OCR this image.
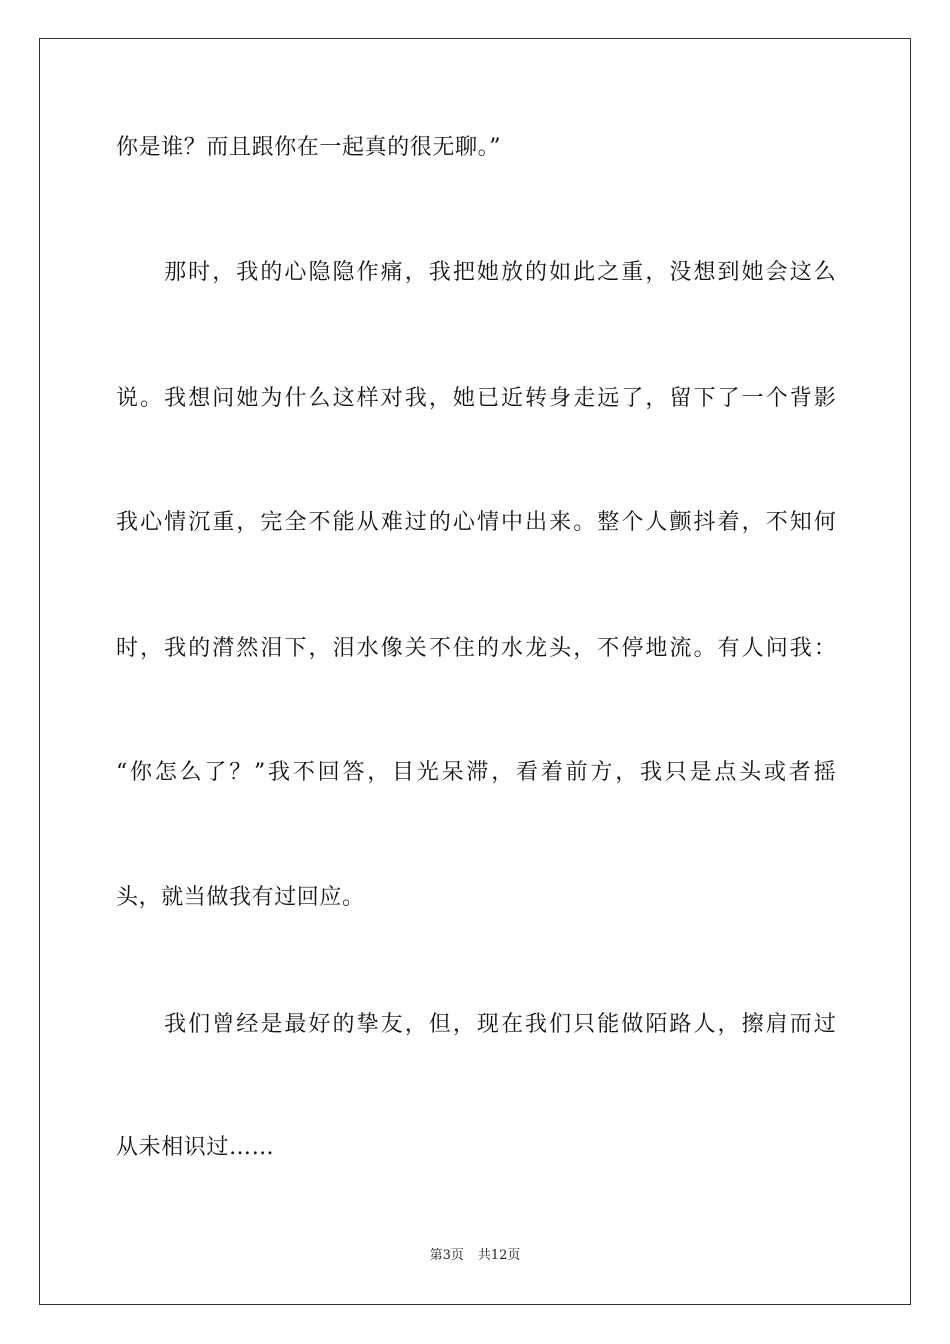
你是谁？而且跟你在一起真的很无聊。”

那 时 ， 我 的 心 隐 隐 作 痛 ， 我 把 她 放 的 如 此 之 重 ， 没 想 到 她 会 这 么
说 。 我 想 问 她 为 什 么 这 样 对 我 ， 她 已 近 转 身 走 远 了 ， 留 下 了 一 个 背 影
我 心 情 沉 重 ， 完 全 不 能 从 难 过 的 心 情 中 出 来 。 整 个 人 颤 抖 着 ， 不 知 何
时 ， 我 的 潸 然 泪 下 ， 泪 水 像 关 不 住 的 水 龙 头 ， 不 停 地 流 。 有 人 问 我 ：
“ 你 怎 么 了 ？ ” 我 不 回 答 ， 目 光 呆 滞 ， 看 着 前 方 ， 我 只 是 点 头 或 者 摇
头，就当做我有过回应。

我 们 曾 经 是 最 好 的 挚 友 ， 但 ， 现 在 我 们 只 能 做 陌 路 人 ， 擦 肩 而 过
从未相识过……
第3页 共12页
